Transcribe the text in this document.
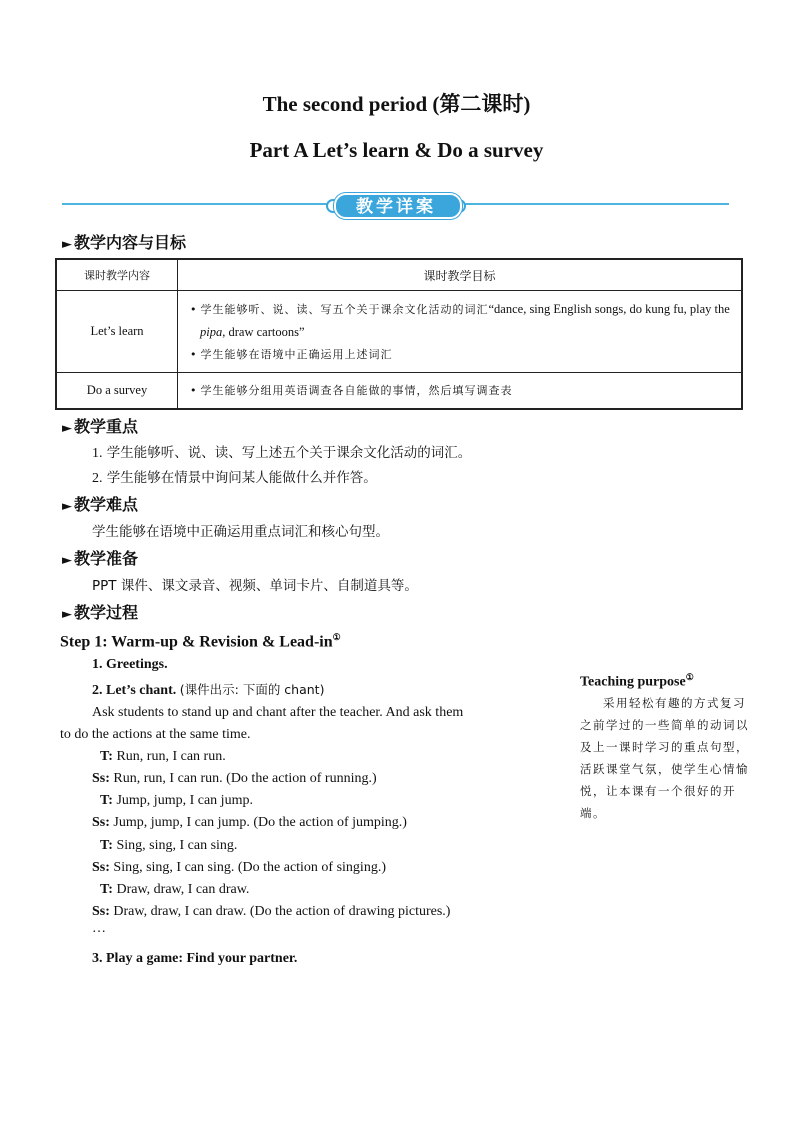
The second period (第二课时)
Part A Let’s learn & Do a survey
教学详案
► 教学内容与目标
课时教学内容	课时教学目标
Let’s learn	• 学生能够听、说、读、写五个关于课余文化活动的词汇“dance, sing English songs, do kung fu, play the pipa, draw cartoons”
• 学生能够在语境中正确运用上述词汇

Do a survey	• 学生能够分组用英语调查各自能做的事情，然后填写调查表
► 教学重点
1. 学生能够听、说、读、写上述五个关于课余文化活动的词汇。
2. 学生能够在情景中询问某人能做什么并作答。
► 教学难点
学生能够在语境中正确运用重点词汇和核心句型。
► 教学准备
PPT 课件、课文录音、视频、单词卡片、自制道具等。
► 教学过程
Step 1: Warm-up & Revision & Lead-in①
1. Greetings.
2. Let’s chant. (课件出示: 下面的 chant)
Ask students to stand up and chant after the teacher. And ask them
to do the actions at the same time.
T: Run, run, I can run.
Ss: Run, run, I can run. (Do the action of running.)
T: Jump, jump, I can jump.
Ss: Jump, jump, I can jump. (Do the action of jumping.)
T: Sing, sing, I can sing.
Ss: Sing, sing, I can sing. (Do the action of singing.)
T: Draw, draw, I can draw.
Ss: Draw, draw, I can draw. (Do the action of drawing pictures.)
…
3. Play a game: Find your partner.
Teaching purpose①
采用轻松有趣的方式复习之前学过的一些简单的动词以及上一课时学习的重点句型，活跃课堂气氛，使学生心情愉悦，让本课有一个很好的开端。
